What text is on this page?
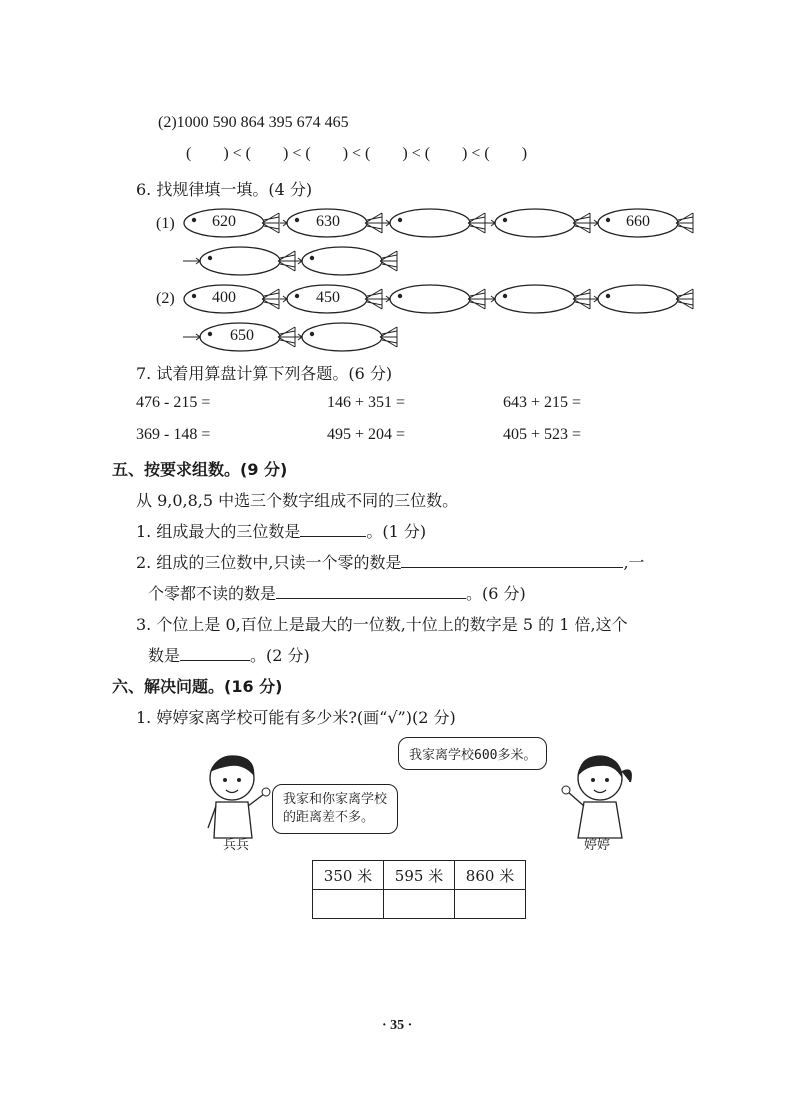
(2)1000 590 864 395 674 465
(        ) < (        ) < (        ) < (        ) < (        ) < (        )
6. 找规律填一填。(4 分)
(1)
(2)
620	630	660
400	450
650
7. 试着用算盘计算下列各题。(6 分)
476 - 215 =	146 + 351 =	643 + 215 =
369 - 148 =	495 + 204 =	405 + 523 =
五、按要求组数。(9 分)
从 9,0,8,5 中选三个数字组成不同的三位数。
1. 组成最大的三位数是	。(1 分)
2. 组成的三位数中,只读一个零的数是	,一
个零都不读的数是	。(6 分)
3. 个位上是 0,百位上是最大的一位数,十位上的数字是 5 的 1 倍,这个
数是	。(2 分)
六、解决问题。(16 分)
1. 婷婷家离学校可能有多少米?(画“√”)(2 分)
兵兵
我家和你家离学校
的距离差不多。
婷婷
我家离学校600多米。
350 米	595 米	860 米

· 35 ·
